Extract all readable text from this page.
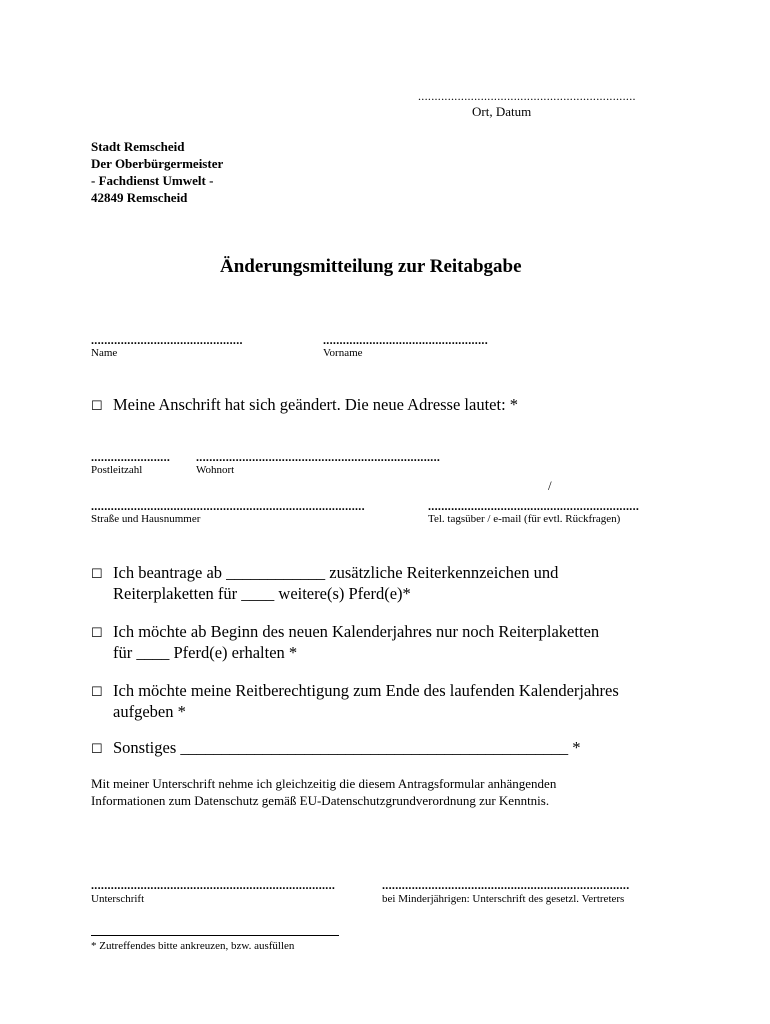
..................................................................
Ort, Datum
Stadt Remscheid
Der Oberbürgermeister
- Fachdienst Umwelt -
42849 Remscheid
Änderungsmitteilung zur Reitabgabe
..............................................
Name
..................................................
Vorname
☐ Meine Anschrift hat sich geändert. Die neue Adresse lautet: *
........................
Postleitzahl
..........................................................................
Wohnort
/
...................................................................................
Straße und Hausnummer
................................................................
Tel. tagsüber / e-mail (für evtl. Rückfragen)
☐ Ich beantrage ab ____________ zusätzliche Reiterkennzeichen und
Reiterplaketten für ____ weitere(s) Pferd(e)*
☐ Ich möchte ab Beginn des neuen Kalenderjahres nur noch Reiterplaketten
für ____ Pferd(e) erhalten *
☐ Ich möchte meine Reitberechtigung zum Ende des laufenden Kalenderjahres
aufgeben *
☐ Sonstiges _______________________________________________ *
Mit meiner Unterschrift nehme ich gleichzeitig die diesem Antragsformular anhängenden
Informationen zum Datenschutz gemäß EU-Datenschutzgrundverordnung zur Kenntnis.
..........................................................................
Unterschrift
...........................................................................
bei Minderjährigen: Unterschrift des gesetzl. Vertreters
* Zutreffendes bitte ankreuzen, bzw. ausfüllen
